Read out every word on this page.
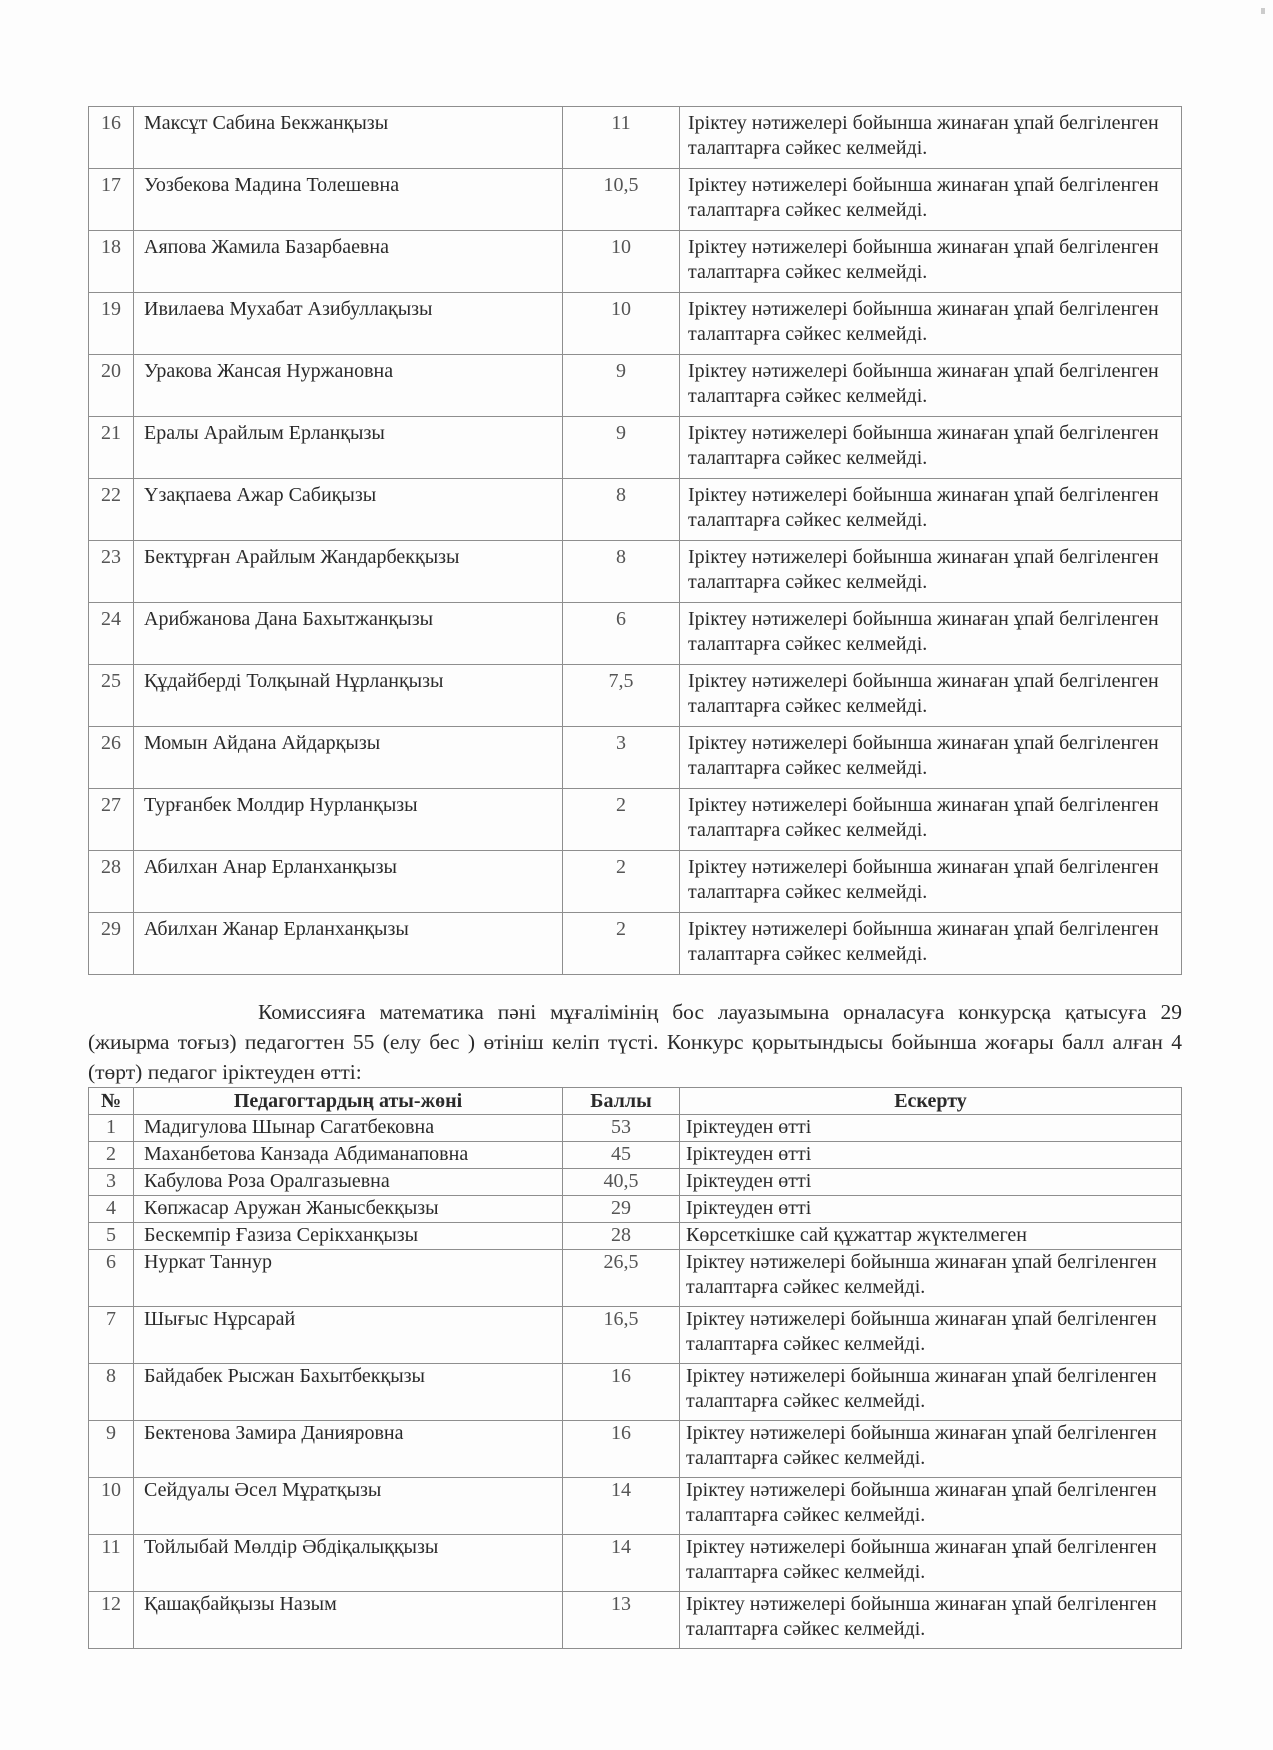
16	Максұт Сабина Бекжанқызы	11	Іріктеу нәтижелері бойынша жинаған ұпай белгіленген талаптарға сәйкес келмейді.
17	Уозбекова Мадина Толешевна	10,5	Іріктеу нәтижелері бойынша жинаған ұпай белгіленген талаптарға сәйкес келмейді.
18	Аяпова Жамила Базарбаевна	10	Іріктеу нәтижелері бойынша жинаған ұпай белгіленген талаптарға сәйкес келмейді.
19	Ивилаева Мухабат Азибуллақызы	10	Іріктеу нәтижелері бойынша жинаған ұпай белгіленген талаптарға сәйкес келмейді.
20	Уракова Жансая Нуржановна	9	Іріктеу нәтижелері бойынша жинаған ұпай белгіленген талаптарға сәйкес келмейді.
21	Ералы Арайлым Ерланқызы	9	Іріктеу нәтижелері бойынша жинаған ұпай белгіленген талаптарға сәйкес келмейді.
22	Үзақпаева Ажар Сабиқызы	8	Іріктеу нәтижелері бойынша жинаған ұпай белгіленген талаптарға сәйкес келмейді.
23	Бектұрған Арайлым Жандарбекқызы	8	Іріктеу нәтижелері бойынша жинаған ұпай белгіленген талаптарға сәйкес келмейді.
24	Арибжанова Дана Бахытжанқызы	6	Іріктеу нәтижелері бойынша жинаған ұпай белгіленген талаптарға сәйкес келмейді.
25	Құдайберді Толқынай Нұрланқызы	7,5	Іріктеу нәтижелері бойынша жинаған ұпай белгіленген талаптарға сәйкес келмейді.
26	Момын Айдана Айдарқызы	3	Іріктеу нәтижелері бойынша жинаған ұпай белгіленген талаптарға сәйкес келмейді.
27	Турғанбек Молдир Нурланқызы	2	Іріктеу нәтижелері бойынша жинаған ұпай белгіленген талаптарға сәйкес келмейді.
28	Абилхан Анар Ерланханқызы	2	Іріктеу нәтижелері бойынша жинаған ұпай белгіленген талаптарға сәйкес келмейді.
29	Абилхан Жанар Ерланханқызы	2	Іріктеу нәтижелері бойынша жинаған ұпай белгіленген талаптарға сәйкес келмейді.

Комиссияға математика пәні мұғалімінің бос лауазымына орналасуға конкурсқа қатысуға 29 (жиырма тоғыз) педагогтен 55 (елу бес ) өтініш келіп түсті. Конкурс қорытындысы бойынша жоғары балл алған 4 (төрт) педагог іріктеуден өтті:

№	Педагогтардың аты-жөні	Баллы	Ескерту
1	Мадигулова Шынар Сагатбековна	53	Іріктеуден өтті
2	Маханбетова Канзада Абдиманаповна	45	Іріктеуден өтті
3	Кабулова Роза Оралгазыевна	40,5	Іріктеуден өтті
4	Көпжасар Аружан Жанысбекқызы	29	Іріктеуден өтті
5	Бескемпір Ғазиза Серікханқызы	28	Көрсеткішке сай құжаттар жүктелмеген
6	Нуркат Таннур	26,5	Іріктеу нәтижелері бойынша жинаған ұпай белгіленген талаптарға сәйкес келмейді.
7	Шығыс Нұрсарай	16,5	Іріктеу нәтижелері бойынша жинаған ұпай белгіленген талаптарға сәйкес келмейді.
8	Байдабек Рысжан Бахытбекқызы	16	Іріктеу нәтижелері бойынша жинаған ұпай белгіленген талаптарға сәйкес келмейді.
9	Бектенова Замира Данияровна	16	Іріктеу нәтижелері бойынша жинаған ұпай белгіленген талаптарға сәйкес келмейді.
10	Сейдуалы Әсел Мұратқызы	14	Іріктеу нәтижелері бойынша жинаған ұпай белгіленген талаптарға сәйкес келмейді.
11	Тойлыбай Мөлдір Әбдіқалыққызы	14	Іріктеу нәтижелері бойынша жинаған ұпай белгіленген талаптарға сәйкес келмейді.
12	Қашақбайқызы Назым	13	Іріктеу нәтижелері бойынша жинаған ұпай белгіленген талаптарға сәйкес келмейді.
